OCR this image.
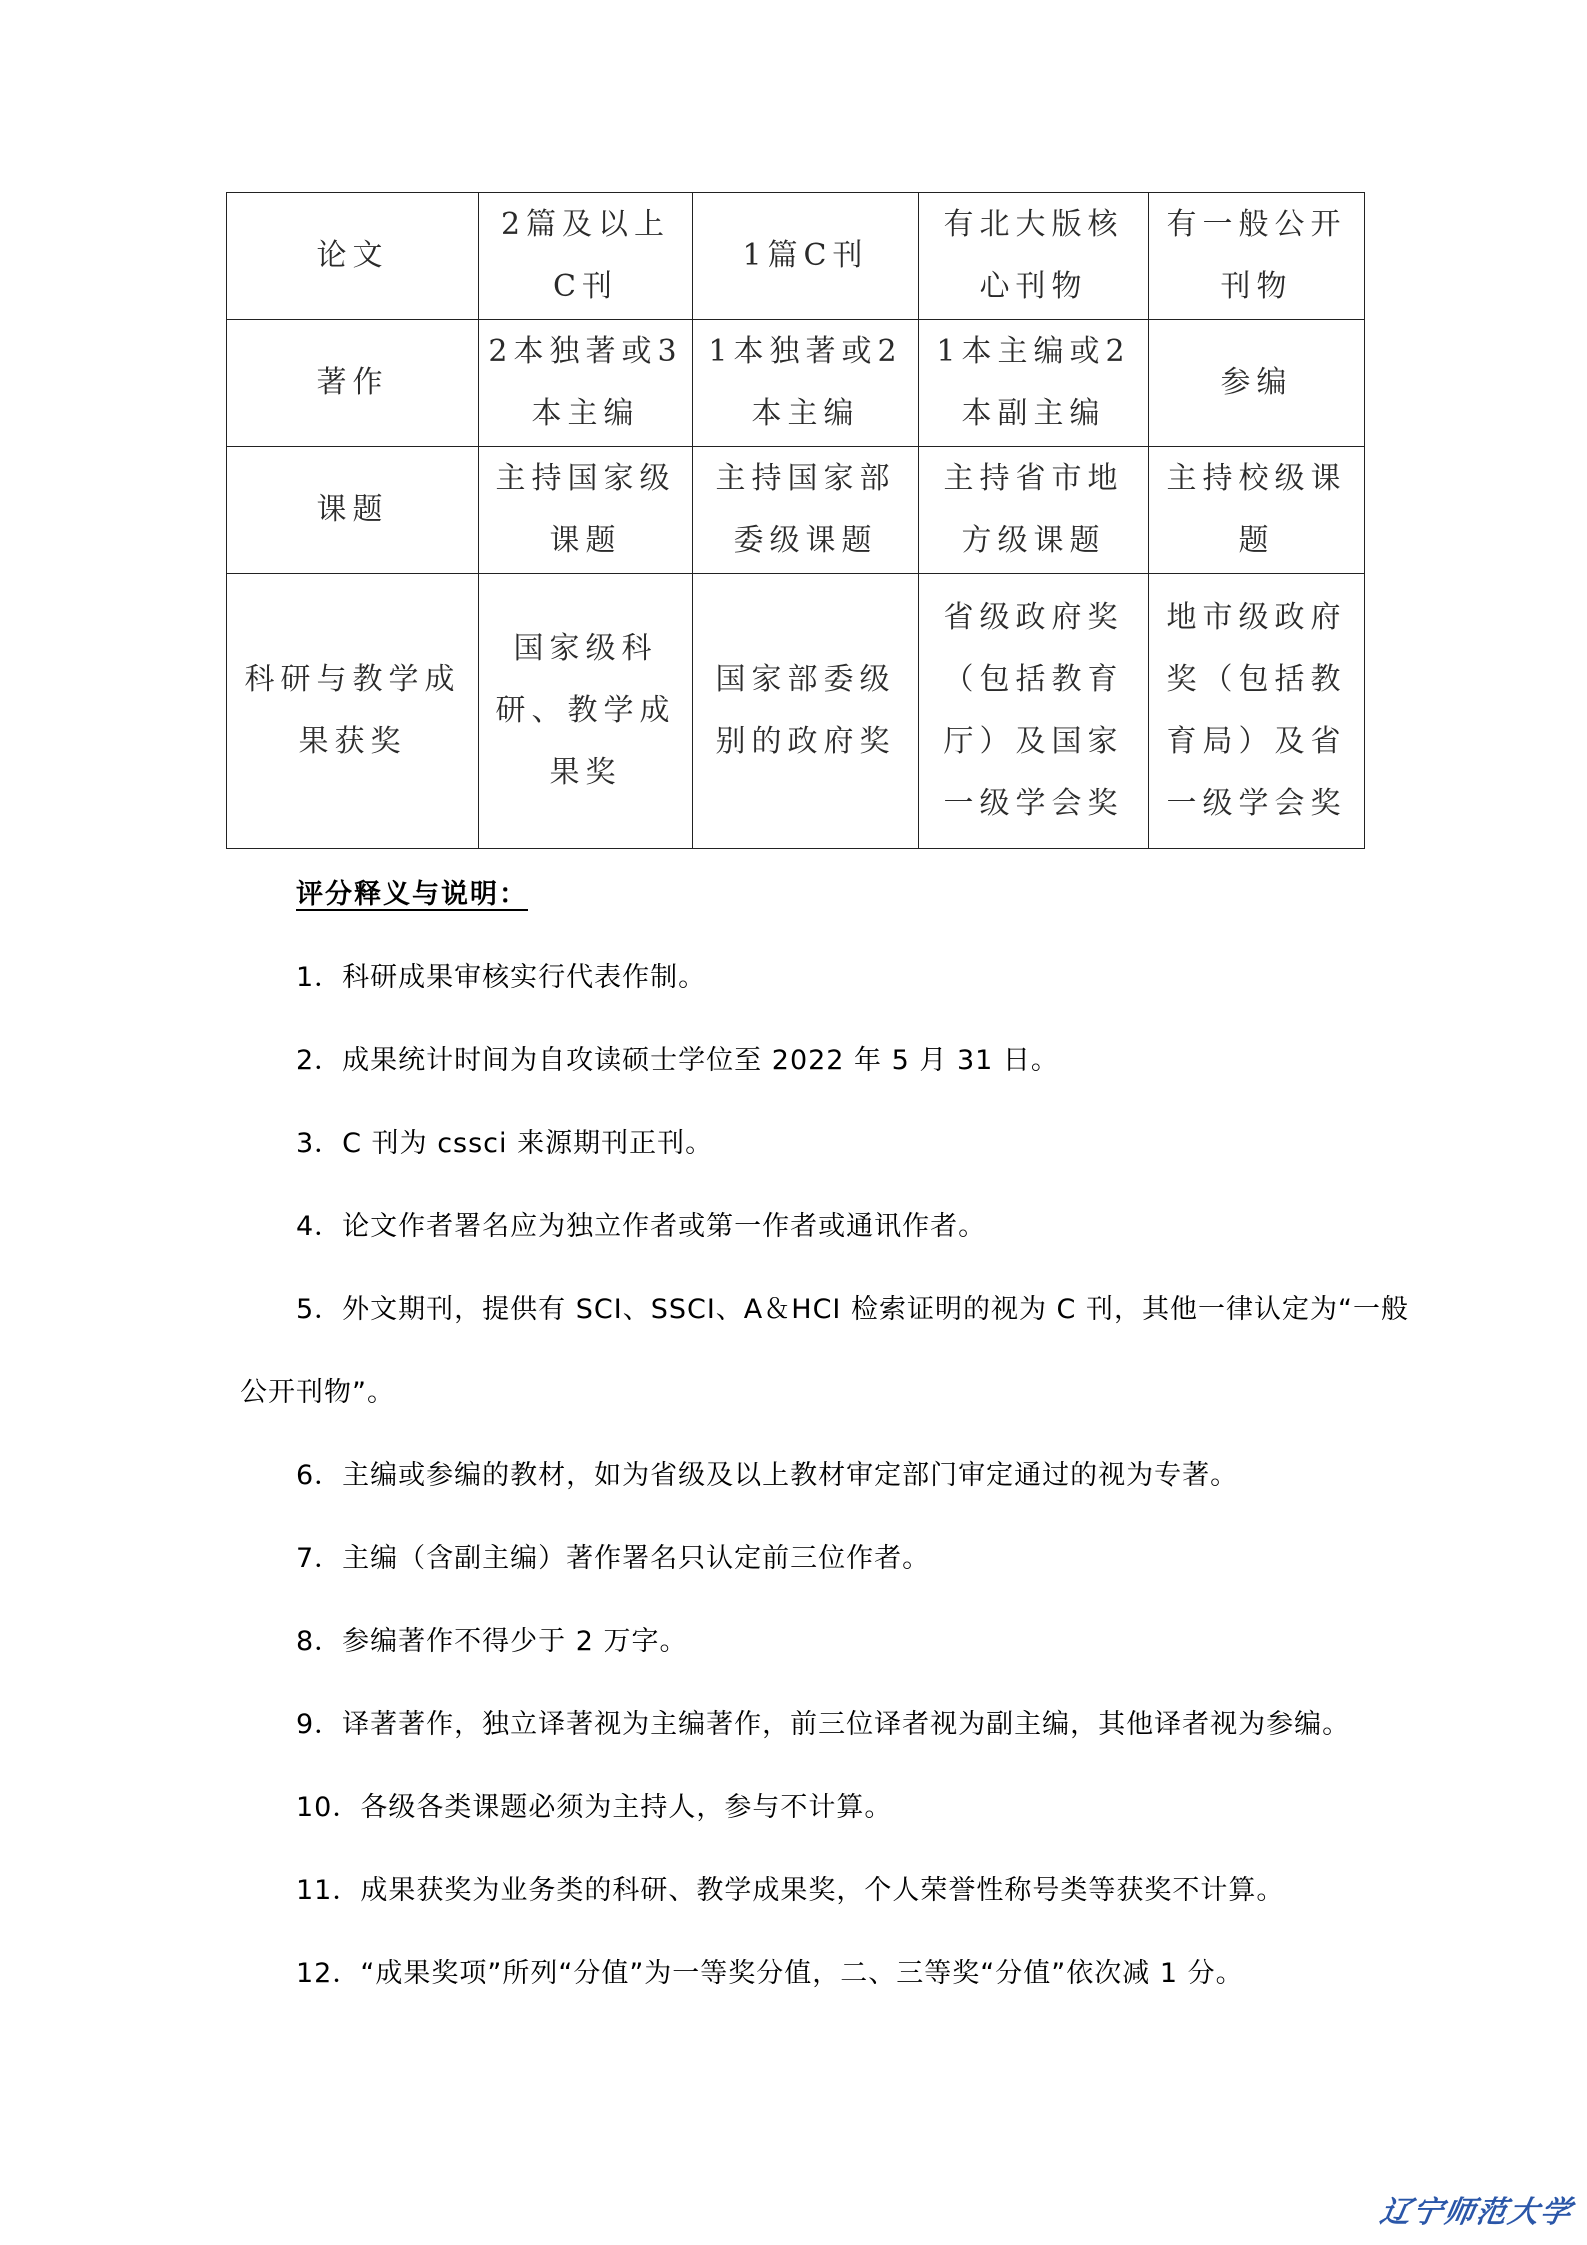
论文	2篇及以上C刊	1篇C刊	有北大版核心刊物	有一般公开刊物
著作	2本独著或3本主编	1本独著或2本主编	1本主编或2本副主编	参编
课题	主持国家级课题	主持国家部委级课题	主持省市地方级课题	主持校级课题
科研与教学成果获奖	国家级科研、教学成果奖	国家部委级别的政府奖	省级政府奖（包括教育厅）及国家一级学会奖	地市级政府奖（包括教育局）及省一级学会奖
评分释义与说明：
1．科研成果审核实行代表作制。
2．成果统计时间为自攻读硕士学位至 2022 年 5 月 31 日。
3．C 刊为 cssci 来源期刊正刊。
4．论文作者署名应为独立作者或第一作者或通讯作者。
5．外文期刊，提供有 SCI、SSCI、A＆HCI 检索证明的视为 C 刊，其他一律认定为“一般
公开刊物”。
6．主编或参编的教材，如为省级及以上教材审定部门审定通过的视为专著。
7．主编（含副主编）著作署名只认定前三位作者。
8．参编著作不得少于 2 万字。
9．译著著作，独立译著视为主编著作，前三位译者视为副主编，其他译者视为参编。
10．各级各类课题必须为主持人，参与不计算。
11．成果获奖为业务类的科研、教学成果奖，个人荣誉性称号类等获奖不计算。
12．“成果奖项”所列“分值”为一等奖分值，二、三等奖“分值”依次减 1 分。
辽宁师范大学
